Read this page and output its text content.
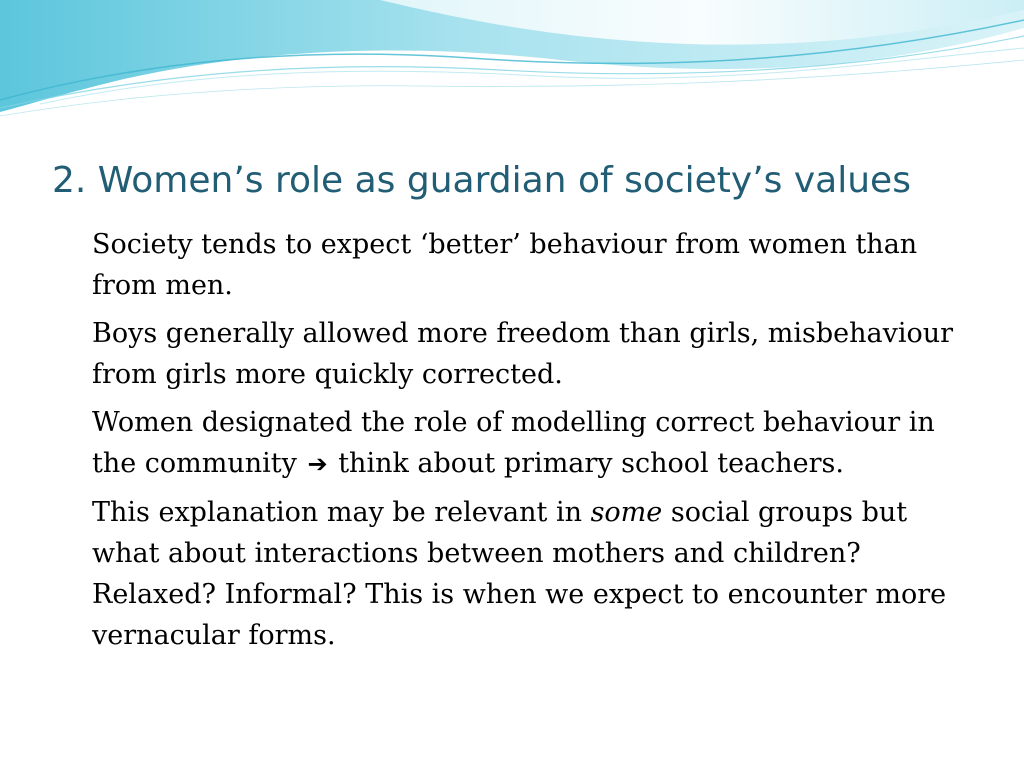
2. Women’s role as guardian of society’s values

Society tends to expect ‘better’ behaviour from women than from men.

Boys generally allowed more freedom than girls, misbehaviour from girls more quickly corrected.

Women designated the role of modelling correct behaviour in the community ➔ think about primary school teachers.

This explanation may be relevant in some social groups but what about interactions between mothers and children? Relaxed? Informal? This is when we expect to encounter more vernacular forms.
